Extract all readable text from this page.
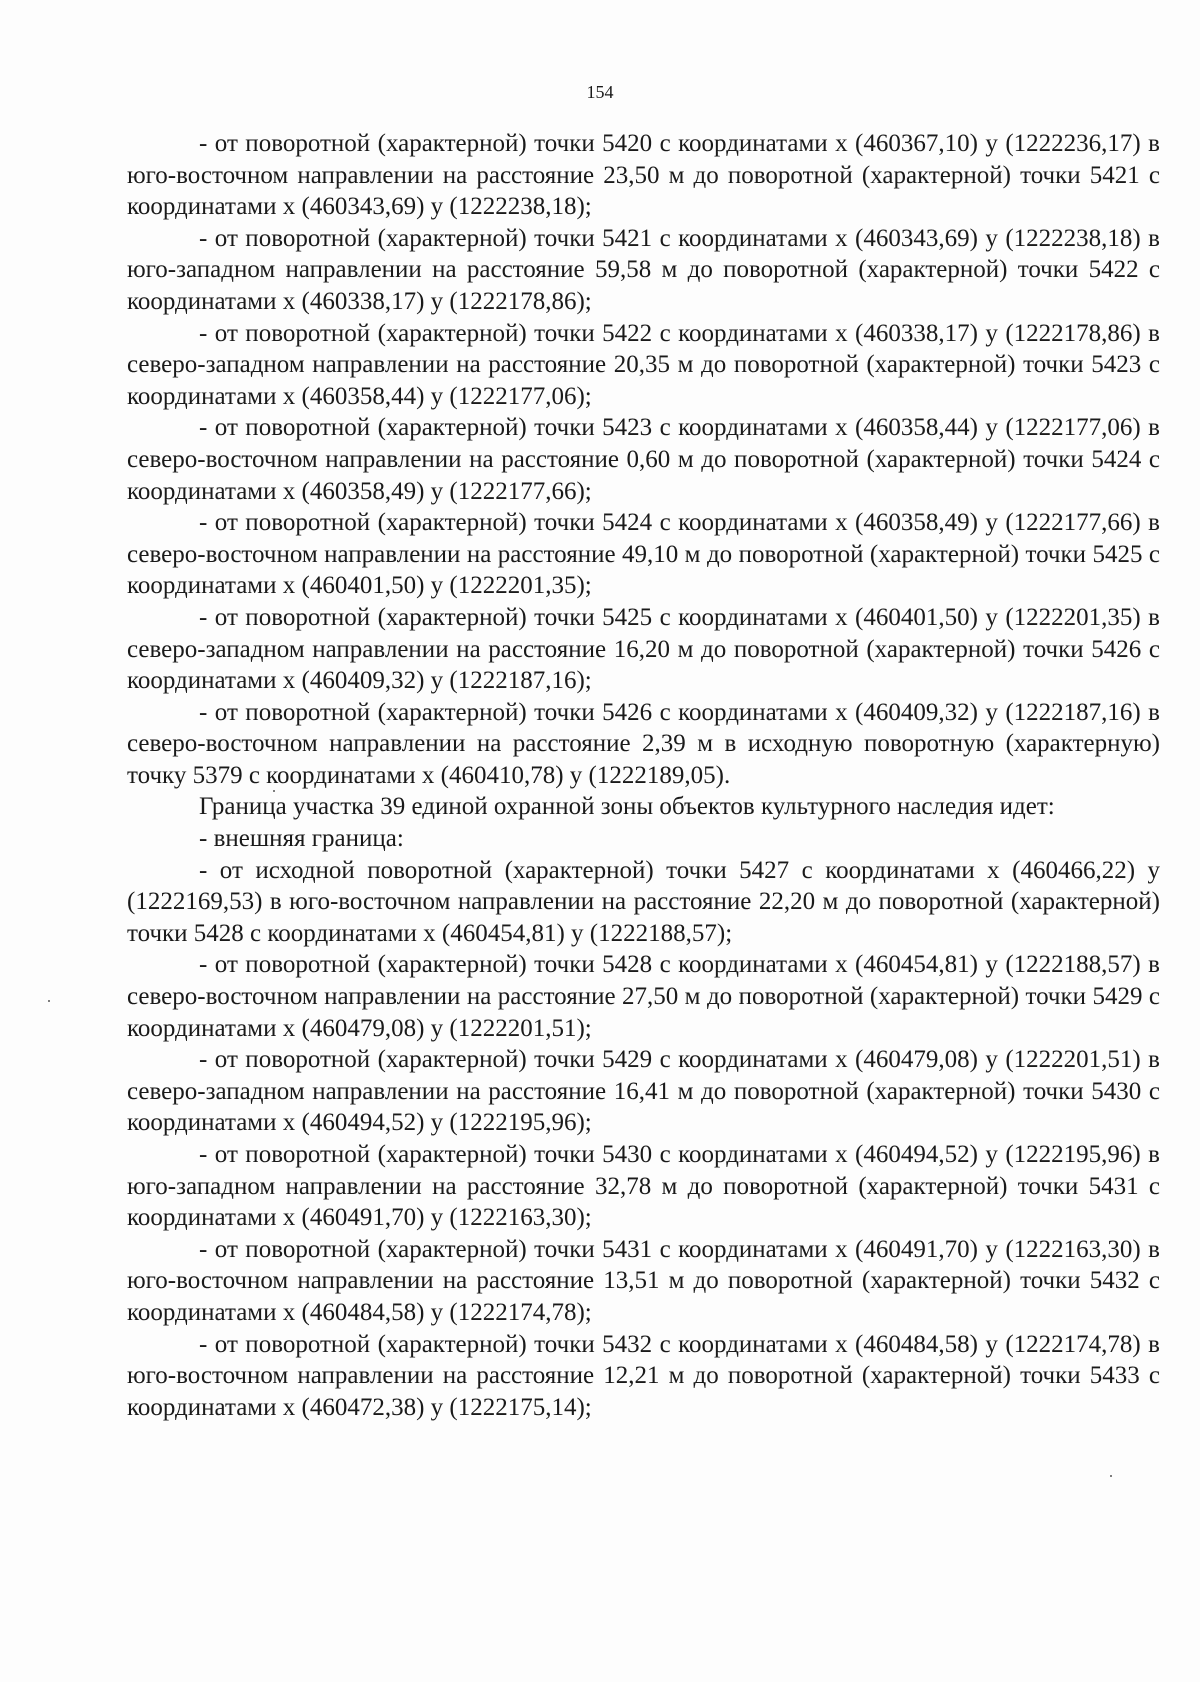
154

- от поворотной (характерной) точки 5420 с координатами x (460367,10) y (1222236,17) в юго-восточном направлении на расстояние 23,50 м до поворотной (характерной) точки 5421 с координатами x (460343,69) y (1222238,18);

- от поворотной (характерной) точки 5421 с координатами x (460343,69) y (1222238,18) в юго-западном направлении на расстояние 59,58 м до поворотной (характерной) точки 5422 с координатами x (460338,17) y (1222178,86);

- от поворотной (характерной) точки 5422 с координатами x (460338,17) y (1222178,86) в северо-западном направлении на расстояние 20,35 м до поворотной (характерной) точки 5423 с координатами x (460358,44) y (1222177,06);

- от поворотной (характерной) точки 5423 с координатами x (460358,44) y (1222177,06) в северо-восточном направлении на расстояние 0,60 м до поворотной (характерной) точки 5424 с координатами x (460358,49) y (1222177,66);

- от поворотной (характерной) точки 5424 с координатами x (460358,49) y (1222177,66) в северо-восточном направлении на расстояние 49,10 м до поворотной (характерной) точки 5425 с координатами x (460401,50) y (1222201,35);

- от поворотной (характерной) точки 5425 с координатами x (460401,50) y (1222201,35) в северо-западном направлении на расстояние 16,20 м до поворотной (характерной) точки 5426 с координатами x (460409,32) y (1222187,16);

- от поворотной (характерной) точки 5426 с координатами x (460409,32) y (1222187,16) в северо-восточном направлении на расстояние 2,39 м в исходную поворотную (характерную) точку 5379 с координатами x (460410,78) y (1222189,05).

Граница участка 39 единой охранной зоны объектов культурного наследия идет:

- внешняя граница:

- от исходной поворотной (характерной) точки 5427 с координатами x (460466,22) y (1222169,53) в юго-восточном направлении на расстояние 22,20 м до поворотной (характерной) точки 5428 с координатами x (460454,81) y (1222188,57);

- от поворотной (характерной) точки 5428 с координатами x (460454,81) y (1222188,57) в северо-восточном направлении на расстояние 27,50 м до поворотной (характерной) точки 5429 с координатами x (460479,08) y (1222201,51);

- от поворотной (характерной) точки 5429 с координатами x (460479,08) y (1222201,51) в северо-западном направлении на расстояние 16,41 м до поворотной (характерной) точки 5430 с координатами x (460494,52) y (1222195,96);

- от поворотной (характерной) точки 5430 с координатами x (460494,52) y (1222195,96) в юго-западном направлении на расстояние 32,78 м до поворотной (характерной) точки 5431 с координатами x (460491,70) y (1222163,30);

- от поворотной (характерной) точки 5431 с координатами x (460491,70) y (1222163,30) в юго-восточном направлении на расстояние 13,51 м до поворотной (характерной) точки 5432 с координатами x (460484,58) y (1222174,78);

- от поворотной (характерной) точки 5432 с координатами x (460484,58) y (1222174,78) в юго-восточном направлении на расстояние 12,21 м до поворотной (характерной) точки 5433 с координатами x (460472,38) y (1222175,14);
